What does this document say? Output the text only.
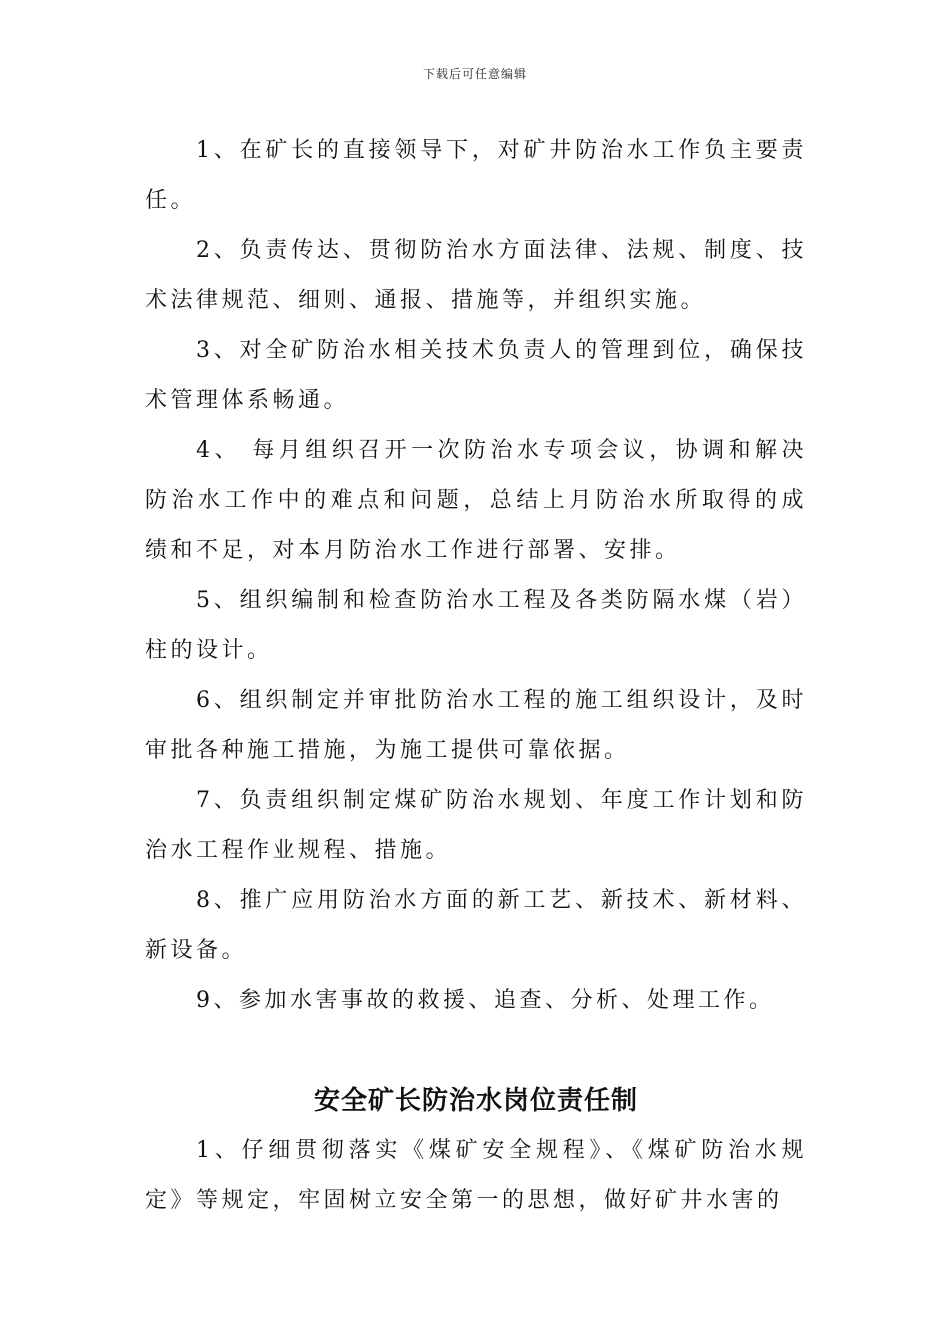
下载后可任意编辑

1、在矿长的直接领导下，对矿井防治水工作负主要责任。

2、负责传达、贯彻防治水方面法律、法规、制度、技术法律规范、细则、通报、措施等，并组织实施。

3、对全矿防治水相关技术负责人的管理到位，确保技术管理体系畅通。

4、 每月组织召开一次防治水专项会议，协调和解决防治水工作中的难点和问题，总结上月防治水所取得的成绩和不足，对本月防治水工作进行部署、安排。

5、组织编制和检查防治水工程及各类防隔水煤（岩）柱的设计。

6、组织制定并审批防治水工程的施工组织设计，及时审批各种施工措施，为施工提供可靠依据。

7、负责组织制定煤矿防治水规划、年度工作计划和防治水工程作业规程、措施。

8、推广应用防治水方面的新工艺、新技术、新材料、新设备。

9、参加水害事故的救援、追查、分析、处理工作。

安全矿长防治水岗位责任制

1、仔细贯彻落实《煤矿安全规程》、《煤矿防治水规定》等规定，牢固树立安全第一的思想，做好矿井水害的
